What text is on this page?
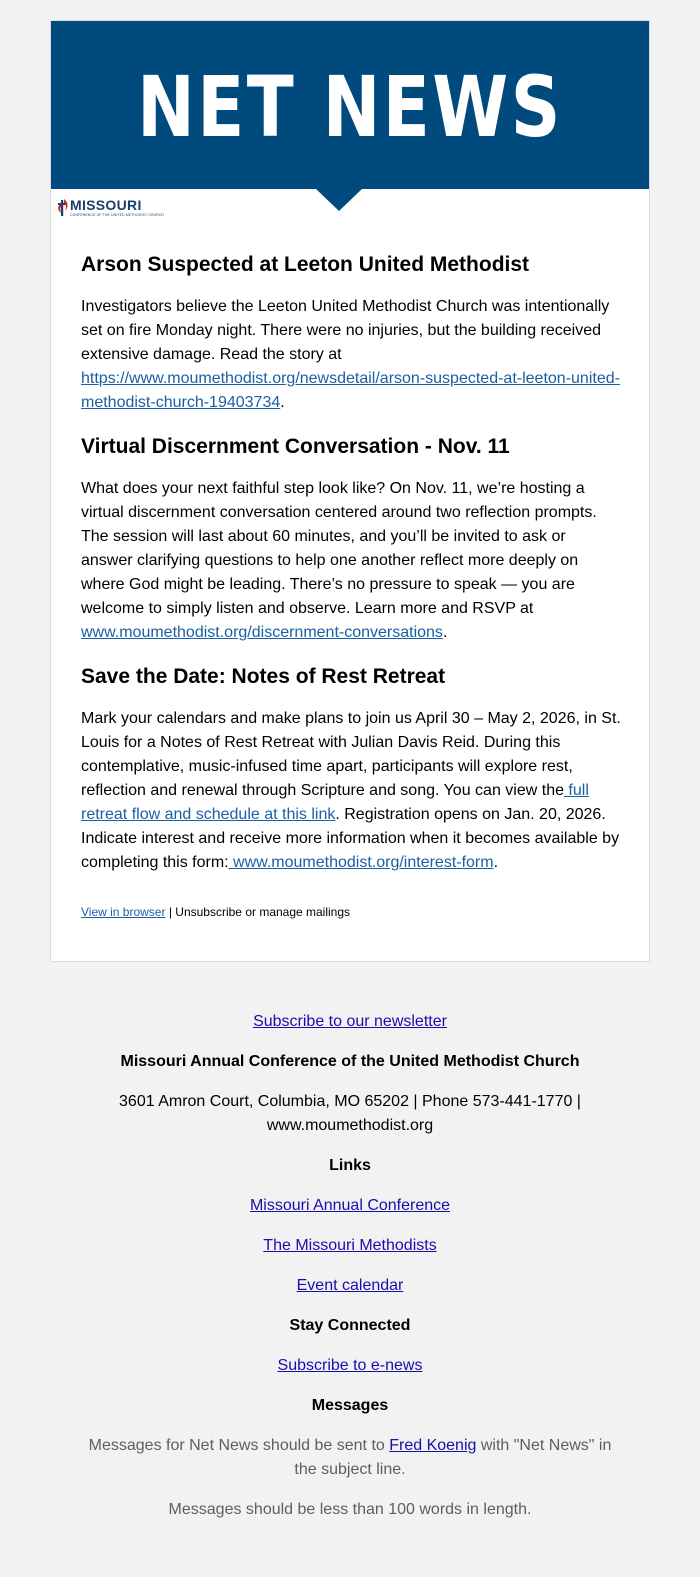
NET NEWS
MISSOURI
CONFERENCE OF THE UNITED METHODIST CHURCH
Arson Suspected at Leeton United Methodist

Investigators believe the Leeton United Methodist Church was intentionally set on fire Monday night. There were no injuries, but the building received extensive damage. Read the story at https://www.moumethodist.org/newsdetail/arson-suspected-at-leeton-united-methodist-church-19403734.

Virtual Discernment Conversation - Nov. 11

What does your next faithful step look like? On Nov. 11, we’re hosting a virtual discernment conversation centered around two reflection prompts. The session will last about 60 minutes, and you’ll be invited to ask or answer clarifying questions to help one another reflect more deeply on where God might be leading. There’s no pressure to speak — you are welcome to simply listen and observe. Learn more and RSVP at www.moumethodist.org/discernment-conversations.

Save the Date: Notes of Rest Retreat

Mark your calendars and make plans to join us April 30 – May 2, 2026, in St. Louis for a Notes of Rest Retreat with Julian Davis Reid. During this contemplative, music-infused time apart, participants will explore rest, reflection and renewal through Scripture and song. You can view the full retreat flow and schedule at this link. Registration opens on Jan. 20, 2026. Indicate interest and receive more information when it becomes available by completing this form: www.moumethodist.org/interest-form.

View in browser | Unsubscribe or manage mailings
Subscribe to our newsletter
Missouri Annual Conference of the United Methodist Church
3601 Amron Court, Columbia, MO 65202 | Phone 573-441-1770 | www.moumethodist.org
Links
Missouri Annual Conference
The Missouri Methodists
Event calendar
Stay Connected
Subscribe to e-news
Messages
Messages for Net News should be sent to Fred Koenig with "Net News" in the subject line.
Messages should be less than 100 words in length.
